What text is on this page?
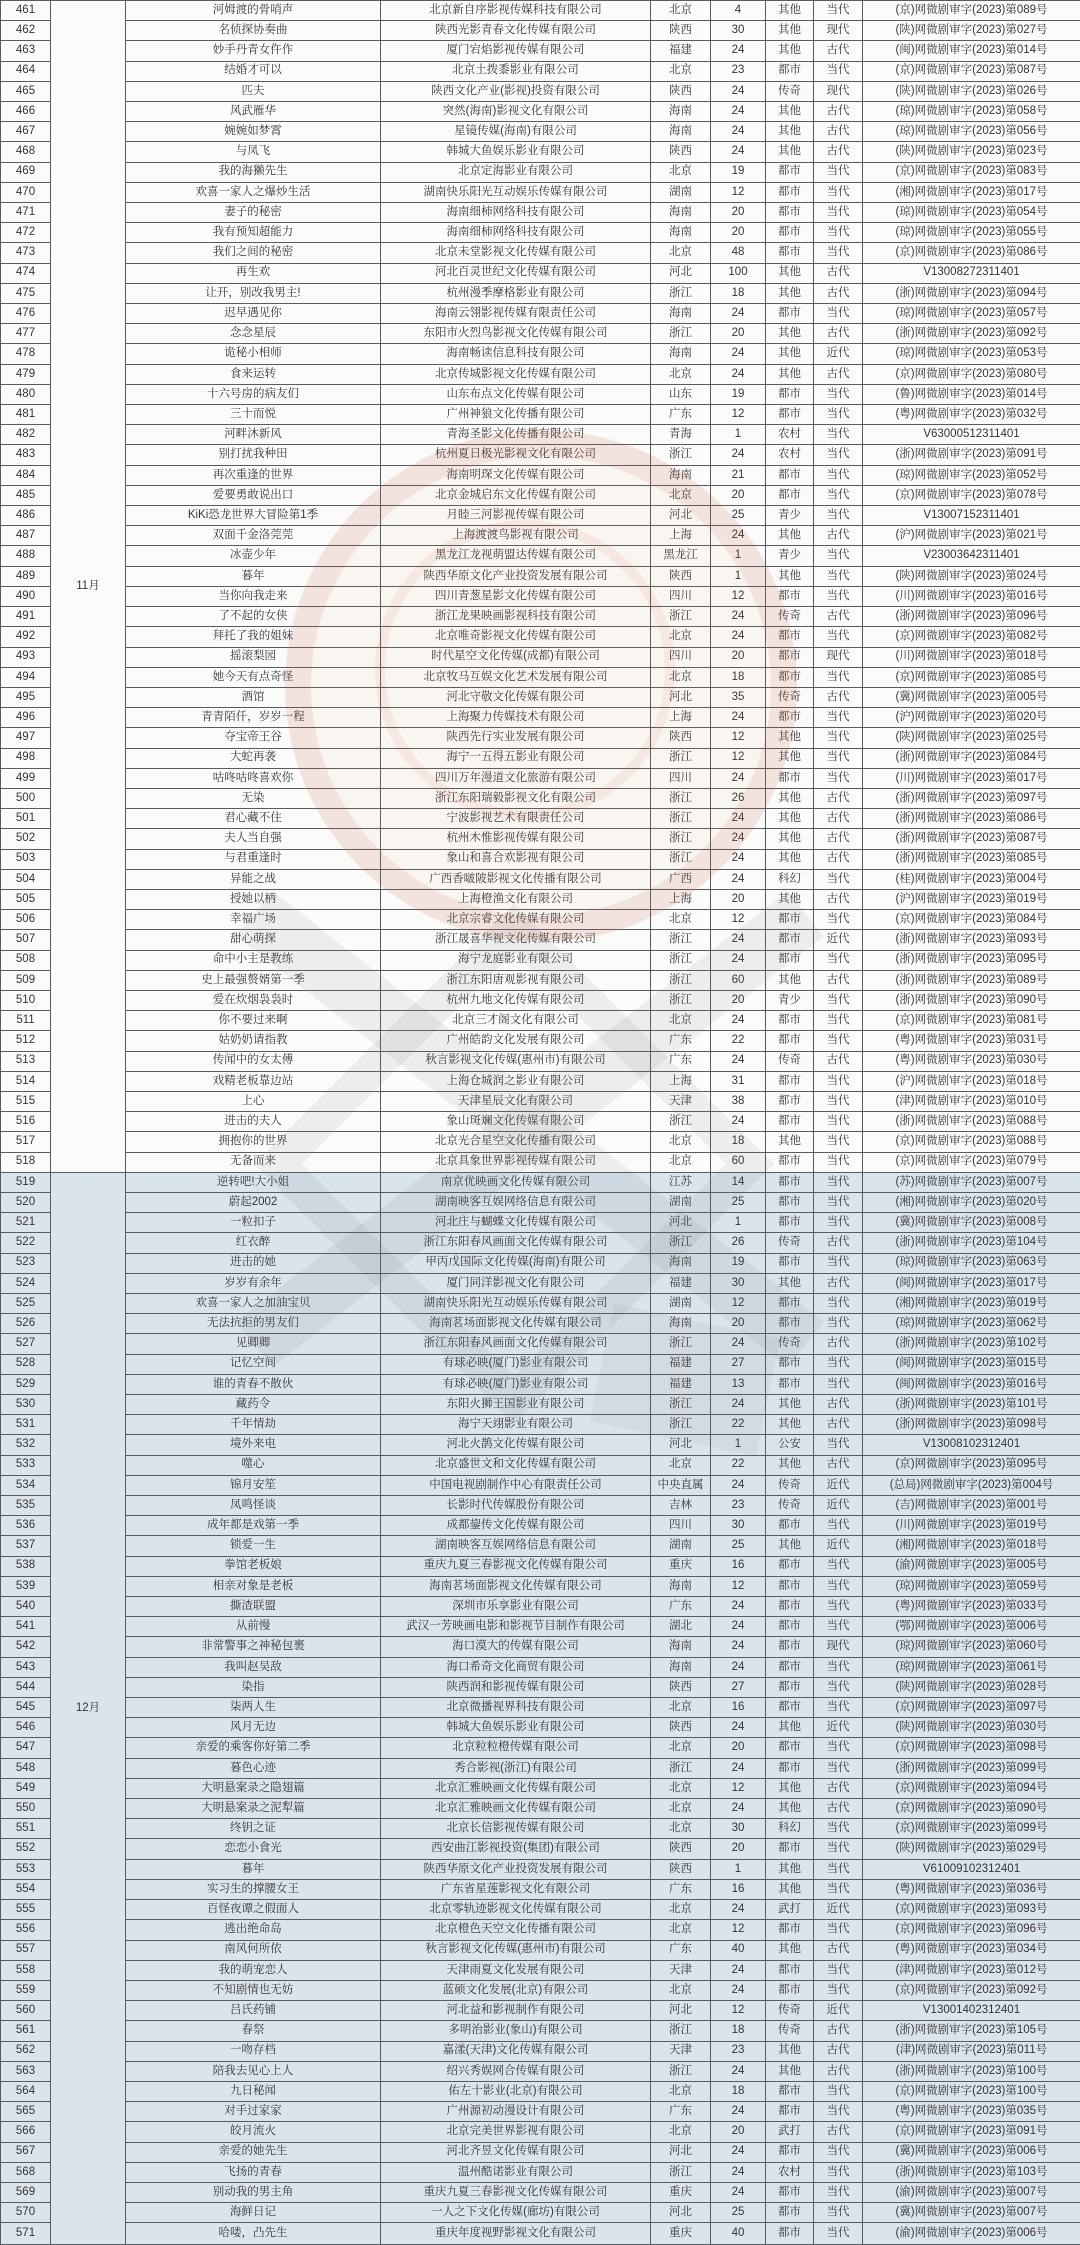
461	11月	河姆渡的骨哨声	北京新自序影视传媒科技有限公司	北京	4	其他	当代	(京)网微剧审字(2023)第089号
462		名侦探协奏曲	陕西光影青春文化传媒有限公司	陕西	30	其他	现代	(陕)网微剧审字(2023)第027号
463		妙手丹青女仵作	厦门宕焰影视传媒有限公司	福建	24	其他	古代	(闽)网微剧审字(2023)第014号
464		结婚才可以	北京土拨黍影业有限公司	北京	23	都市	当代	(京)网微剧审字(2023)第087号
465		匹夫	陕西文化产业(影视)投资有限公司	陕西	24	传奇	现代	(陕)网微剧审字(2023)第026号
466		风武雁华	突然(海南)影视文化有限公司	海南	24	其他	古代	(琼)网微剧审字(2023)第058号
467		婉婉如梦霄	星镜传媒(海南)有限公司	海南	24	其他	古代	(琼)网微剧审字(2023)第056号
468		与凤飞	韩城大鱼娱乐影业有限公司	陕西	24	其他	古代	(陕)网微剧审字(2023)第023号
469		我的海獭先生	北京定海影业有限公司	北京	19	都市	当代	(京)网微剧审字(2023)第083号
470		欢喜一家人之爆炒生活	湖南快乐阳光互动娱乐传媒有限公司	湖南	12	都市	当代	(湘)网微剧审字(2023)第017号
471		妻子的秘密	海南细柿网络科技有限公司	海南	20	都市	当代	(琼)网微剧审字(2023)第054号
472		我有预知超能力	海南细柿网络科技有限公司	海南	20	都市	当代	(琼)网微剧审字(2023)第055号
473		我们之间的秘密	北京未堂影视文化传媒有限公司	北京	48	都市	当代	(京)网微剧审字(2023)第086号
474		再生欢	河北百灵世纪文化传媒有限公司	河北	100	其他	古代	V13008272311401
475		让开，别改我男主!	杭州漫季摩格影业有限公司	浙江	18	其他	古代	(浙)网微剧审字(2023)第094号
476		迟早遇见你	海南云翎影视传媒有限责任公司	海南	24	都市	当代	(琼)网微剧审字(2023)第057号
477		念念星辰	东阳市火烈鸟影视文化传媒有限公司	浙江	20	其他	古代	(浙)网微剧审字(2023)第092号
478		诡秘小相师	海南畅读信息科技有限公司	海南	24	其他	近代	(琼)网微剧审字(2023)第053号
479		食来运转	北京传城影视文化传媒有限公司	北京	24	其他	古代	(京)网微剧审字(2023)第080号
480		十六号房的病友们	山东布点文化传媒有限公司	山东	19	都市	当代	(鲁)网微剧审字(2023)第014号
481		三十而悦	广州神狼文化传播有限公司	广东	12	都市	当代	(粤)网微剧审字(2023)第032号
482		河畔沐新风	青海圣影文化传播有限公司	青海	1	农村	当代	V63000512311401
483		别打扰我种田	杭州夏日极光影视文化有限公司	浙江	24	农村	当代	(浙)网微剧审字(2023)第091号
484		再次重逢的世界	海南明琛文化传媒有限公司	海南	21	都市	当代	(琼)网微剧审字(2023)第052号
485		爱要勇敢说出口	北京金城启东文化传媒有限公司	北京	20	都市	当代	(京)网微剧审字(2023)第078号
486		KiKi恐龙世界大冒险第1季	月睦三河影视传媒有限公司	河北	25	青少	当代	V13007152311401
487		双面千金洛莞莞	上海渡渡鸟影视有限公司	上海	24	其他	古代	(沪)网微剧审字(2023)第021号
488		冰壶少年	黑龙江龙视萌盟达传媒有限公司	黑龙江	1	青少	当代	V23003642311401
489		暮年	陕西华原文化产业投资发展有限公司	陕西	1	其他	当代	(陕)网微剧审字(2023)第024号
490		当你向我走来	四川青葱星影文化传媒有限公司	四川	12	都市	当代	(川)网微剧审字(2023)第016号
491		了不起的女侠	浙江龙果映画影视科技有限公司	浙江	24	传奇	古代	(浙)网微剧审字(2023)第096号
492		拜托了我的姐妹	北京唯奇影视文化传媒有限公司	北京	24	都市	当代	(京)网微剧审字(2023)第082号
493		摇滚梨园	时代星空文化传媒(成都)有限公司	四川	20	都市	现代	(川)网微剧审字(2023)第018号
494		她今天有点奇怪	北京牧马互娱文化艺术发展有限公司	北京	18	都市	当代	(京)网微剧审字(2023)第085号
495		酒馆	河北守敬文化传媒有限公司	河北	35	传奇	古代	(冀)网微剧审字(2023)第005号
496		青青陌仟，岁岁一程	上海聚力传媒技术有限公司	上海	24	都市	当代	(沪)网微剧审字(2023)第020号
497		夺宝帝王谷	陕西先行实业发展有限公司	陕西	12	其他	当代	(陕)网微剧审字(2023)第025号
498		大蛇再袭	海宁一五得五影业有限公司	浙江	12	其他	当代	(浙)网微剧审字(2023)第084号
499		咕咚咕咚喜欢你	四川万年漫道文化旅游有限公司	四川	24	都市	当代	(川)网微剧审字(2023)第017号
500		无染	浙江东阳瑞毅影视文化有限公司	浙江	26	其他	古代	(浙)网微剧审字(2023)第097号
501		君心藏不住	宁波影视艺术有限责任公司	浙江	24	其他	古代	(浙)网微剧审字(2023)第086号
502		夫人当自强	杭州木惟影视传媒有限公司	浙江	24	其他	古代	(浙)网微剧审字(2023)第087号
503		与君重逢时	象山和喜合欢影视有限公司	浙江	24	其他	古代	(浙)网微剧审字(2023)第085号
504		异能之战	广西香啵陂影视文化传播有限公司	广西	24	科幻	当代	(桂)网微剧审字(2023)第004号
505		授她以柄	上海橙渔文化有限公司	上海	20	其他	古代	(沪)网微剧审字(2023)第019号
506		幸福广场	北京宗睿文化传媒有限公司	北京	12	都市	当代	(京)网微剧审字(2023)第084号
507		甜心萌探	浙江晟喜华视文化传媒有限公司	浙江	24	都市	近代	(浙)网微剧审字(2023)第093号
508		命中小主是教练	海宁龙庭影业有限公司	浙江	24	都市	当代	(浙)网微剧审字(2023)第095号
509		史上最强赘婿第一季	浙江东阳唐观影视有限公司	浙江	60	其他	古代	(浙)网微剧审字(2023)第089号
510		爱在炊烟袅袅时	杭州九地文化传媒有限公司	浙江	20	青少	当代	(浙)网微剧审字(2023)第090号
511		你不要过来啊	北京三才阁文化有限公司	北京	24	都市	当代	(京)网微剧审字(2023)第081号
512		姑奶奶请指教	广州皓韵文化发展有限公司	广东	22	都市	当代	(粤)网微剧审字(2023)第031号
513		传闻中的女太傅	秋言影视文化传媒(惠州市)有限公司	广东	24	传奇	古代	(粤)网微剧审字(2023)第030号
514		戏精老板靠边站	上海仓城润之影业有限公司	上海	31	都市	当代	(沪)网微剧审字(2023)第018号
515		上心	天津星辰文化有限公司	天津	38	都市	当代	(津)网微剧审字(2023)第010号
516		进击的夫人	象山斑斓文化传媒有限公司	浙江	24	都市	当代	(浙)网微剧审字(2023)第088号
517		拥抱你的世界	北京光合星空文化传播有限公司	北京	18	其他	当代	(京)网微剧审字(2023)第088号
518		无备而来	北京具象世界影视传媒有限公司	北京	60	都市	当代	(京)网微剧审字(2023)第079号
519	12月	逆转吧!大小姐	南京优映画文化传媒有限公司	江苏	14	都市	当代	(苏)网微剧审字(2023)第007号
520		蔚起2002	湖南映客互娱网络信息有限公司	湖南	25	都市	当代	(湘)网微剧审字(2023)第020号
521		一粒扣子	河北庄与蝴蝶文化传媒有限公司	河北	1	都市	当代	(冀)网微剧审字(2023)第008号
522		红衣醉	浙江东阳春风画面文化传媒有限公司	浙江	26	传奇	古代	(浙)网微剧审字(2023)第104号
523		进击的她	甲丙戊国际文化传媒(海南)有限公司	海南	19	都市	当代	(琼)网微剧审字(2023)第063号
524		岁岁有余年	厦门同洋影视文化有限公司	福建	30	其他	古代	(闽)网微剧审字(2023)第017号
525		欢喜一家人之加油宝贝	湖南快乐阳光互动娱乐传媒有限公司	湖南	12	都市	当代	(湘)网微剧审字(2023)第019号
526		无法抗拒的男友们	海南茗场面影视文化传媒有限公司	海南	20	都市	当代	(琼)网微剧审字(2023)第062号
527		见卿卿	浙江东阳春风画面文化传媒有限公司	浙江	24	传奇	古代	(浙)网微剧审字(2023)第102号
528		记忆空间	有球必映(厦门)影业有限公司	福建	27	都市	当代	(闽)网微剧审字(2023)第015号
529		谁的青春不散伙	有球必映(厦门)影业有限公司	福建	13	都市	当代	(闽)网微剧审字(2023)第016号
530		藏药令	东阳火狮王国影业有限公司	浙江	24	其他	古代	(浙)网微剧审字(2023)第101号
531		千年情劫	海宁天翊影业有限公司	浙江	22	其他	古代	(浙)网微剧审字(2023)第098号
532		境外来电	河北火鹊文化传媒有限公司	河北	1	公安	当代	V13008102312401
533		噬心	北京盛世文和文化传媒有限公司	北京	22	其他	古代	(京)网微剧审字(2023)第095号
534		锦月安笙	中国电视剧制作中心有限责任公司	中央直属	24	传奇	近代	(总局)网微剧审字(2023)第004号
535		凤鸣怪谈	长影时代传媒股份有限公司	吉林	23	传奇	近代	(吉)网微剧审字(2023)第001号
536		成年都是戏第一季	成都鋆传文化传媒有限公司	四川	30	都市	当代	(川)网微剧审字(2023)第019号
537		锁爱一生	湖南映客互娱网络信息有限公司	湖南	25	其他	近代	(湘)网微剧审字(2023)第018号
538		拳馆老板娘	重庆九夏三春影视文化传媒有限公司	重庆	16	都市	当代	(渝)网微剧审字(2023)第005号
539		相亲对象是老板	海南茗场面影视文化传媒有限公司	海南	12	都市	当代	(琼)网微剧审字(2023)第059号
540		撕渣联盟	深圳市乐享影业有限公司	广东	24	都市	当代	(粤)网微剧审字(2023)第033号
541		从前慢	武汉一芳映画电影和影视节目制作有限公司	湖北	24	都市	当代	(鄂)网微剧审字(2023)第006号
542		非常警事之神秘包裹	海口漠大的传媒有限公司	海南	24	都市	现代	(琼)网微剧审字(2023)第060号
543		我叫赵吴敌	海口希奇文化商贸有限公司	海南	24	都市	当代	(琼)网微剧审字(2023)第061号
544		染指	陕西润和影视传媒有限公司	陕西	27	都市	当代	(陕)网微剧审字(2023)第028号
545		柒两人生	北京微播视界科技有限公司	北京	16	都市	当代	(京)网微剧审字(2023)第097号
546		风月无边	韩城大鱼娱乐影业有限公司	陕西	24	其他	近代	(陕)网微剧审字(2023)第030号
547		亲爱的乘客你好第二季	北京粒粒橙传媒有限公司	北京	20	都市	当代	(京)网微剧审字(2023)第098号
548		暮色心迹	秀合影视(浙江)有限公司	浙江	24	都市	当代	(浙)网微剧审字(2023)第099号
549		大明悬案录之隐翅篇	北京汇雅映画文化传媒有限公司	北京	12	其他	古代	(京)网微剧审字(2023)第094号
550		大明悬案录之泥犁篇	北京汇雅映画文化传媒有限公司	北京	24	其他	古代	(京)网微剧审字(2023)第090号
551		终钥之证	北京长信影视传媒有限公司	北京	30	科幻	当代	(京)网微剧审字(2023)第099号
552		恋恋小食光	西安曲江影视投资(集团)有限公司	陕西	20	都市	当代	(陕)网微剧审字(2023)第029号
553		暮年	陕西华原文化产业投资发展有限公司	陕西	1	其他	当代	V61009102312401
554		实习生的撑腰女王	广东省星莲影视文化有限公司	广东	16	其他	当代	(粤)网微剧审字(2023)第036号
555		百怪夜谭之假面人	北京零轨迹影视文化传媒有限公司	北京	24	武打	近代	(京)网微剧审字(2023)第093号
556		逃出绝命岛	北京橙色天空文化传播有限公司	北京	12	都市	当代	(京)网微剧审字(2023)第096号
557		南风何所依	秋言影视文化传媒(惠州市)有限公司	广东	40	其他	古代	(粤)网微剧审字(2023)第034号
558		我的萌宠恋人	天津雨夏文化发展有限公司	天津	24	都市	当代	(津)网微剧审字(2023)第012号
559		不知剧情也无妨	蓝硕文化发展(北京)有限公司	北京	24	都市	当代	(京)网微剧审字(2023)第092号
560		吕氏药铺	河北益和影视制作有限公司	河北	12	传奇	近代	V13001402312401
561		春祭	多明治影业(象山)有限公司	浙江	18	传奇	古代	(浙)网微剧审字(2023)第105号
562		一吻存档	嘉漾(天津)文化传媒有限公司	天津	23	其他	古代	(津)网微剧审字(2023)第011号
563		陪我去见心上人	绍兴秀娱网合传媒有限公司	浙江	24	其他	古代	(浙)网微剧审字(2023)第100号
564		九日秘闻	佑左十影业(北京)有限公司	北京	18	都市	当代	(京)网微剧审字(2023)第100号
565		对手过家家	广州源初动漫设计有限公司	广东	24	都市	当代	(粤)网微剧审字(2023)第035号
566		皎月流火	北京完美世界影视有限公司	北京	20	武打	古代	(京)网微剧审字(2023)第091号
567		亲爱的她先生	河北齐昱文化传媒有限公司	河北	24	都市	当代	(冀)网微剧审字(2023)第006号
568		飞扬的青春	温州酷诺影业有限公司	浙江	24	农村	当代	(浙)网微剧审字(2023)第103号
569		别动我的男主角	重庆九夏三春影视文化传媒有限公司	重庆	24	都市	当代	(渝)网微剧审字(2023)第007号
570		海鲜日记	一人之下文化传媒(廊坊)有限公司	河北	25	都市	当代	(冀)网微剧审字(2023)第007号
571		哈喽，凸先生	重庆年度视野影视文化有限公司	重庆	40	都市	当代	(渝)网微剧审字(2023)第006号
